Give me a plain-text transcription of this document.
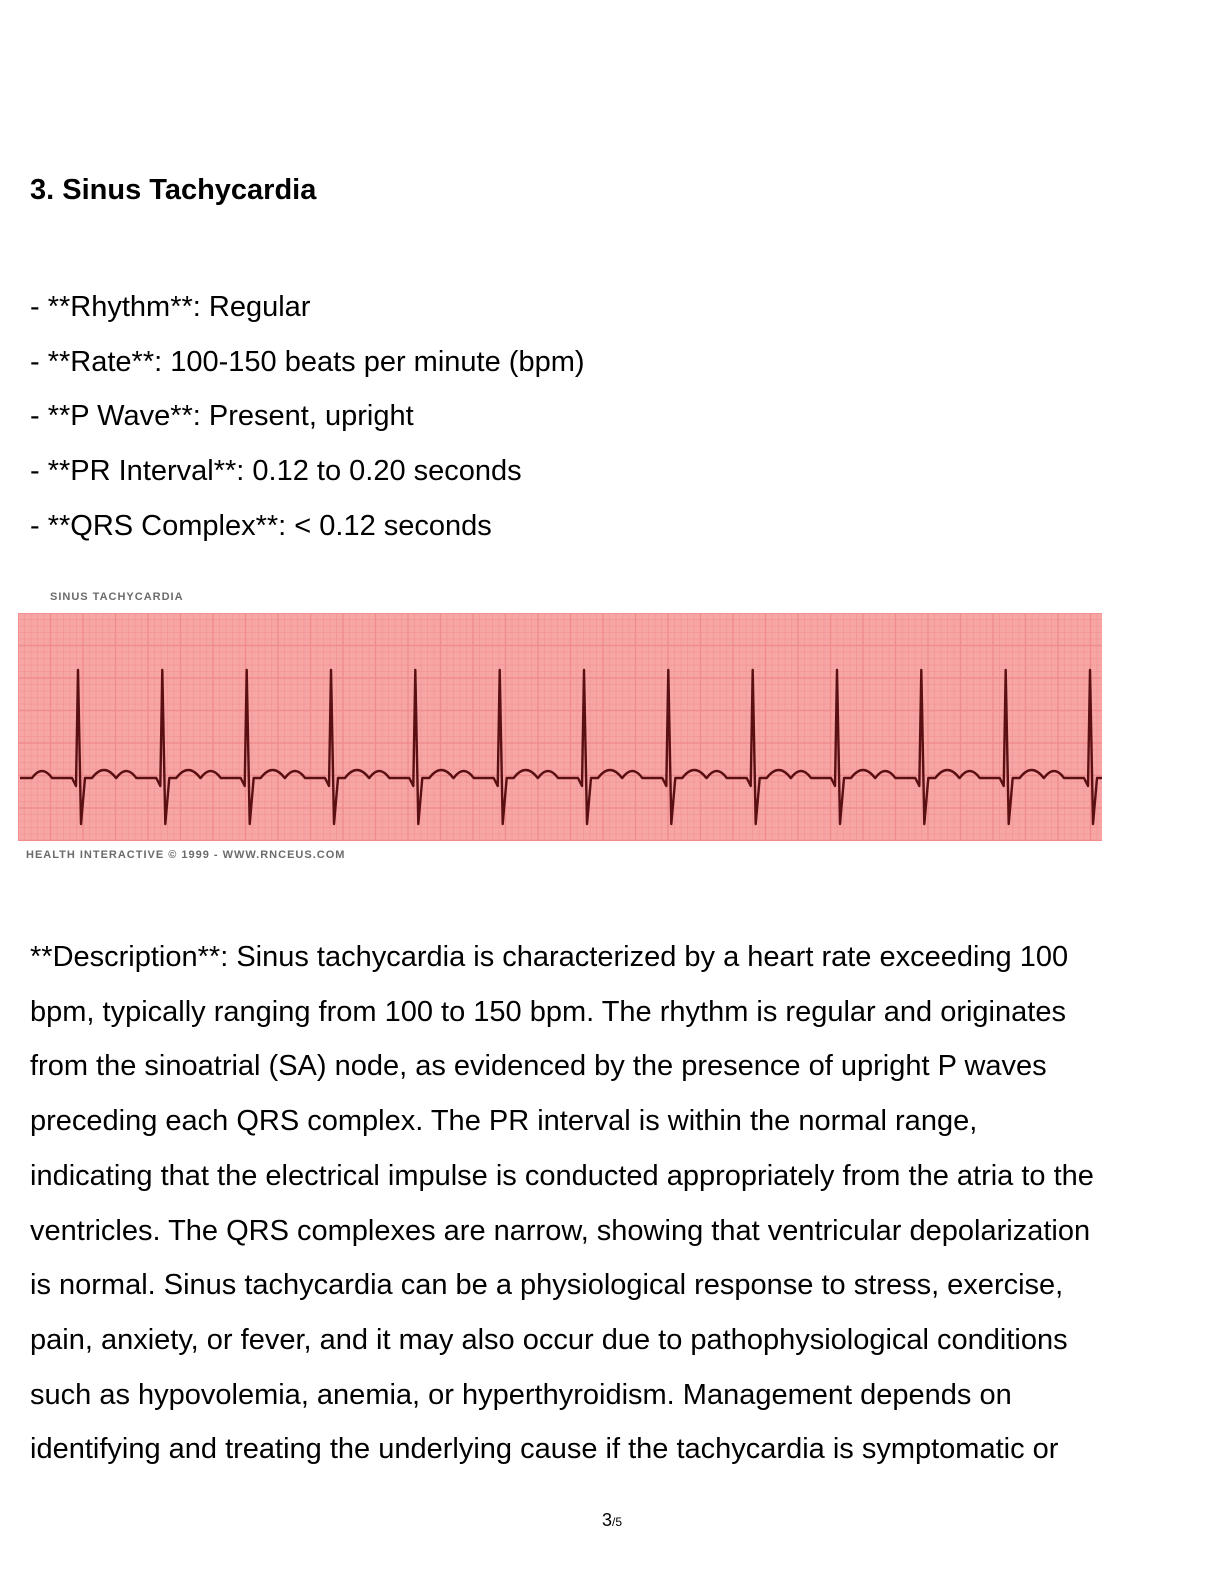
3. Sinus Tachycardia
- **Rhythm**: Regular
- **Rate**: 100-150 beats per minute (bpm)
- **P Wave**: Present, upright
- **PR Interval**: 0.12 to 0.20 seconds
- **QRS Complex**: < 0.12 seconds
SINUS TACHYCARDIA
HEALTH INTERACTIVE © 1999 - WWW.RNCEUS.COM
**Description**: Sinus tachycardia is characterized by a heart rate exceeding 100
bpm, typically ranging from 100 to 150 bpm. The rhythm is regular and originates
from the sinoatrial (SA) node, as evidenced by the presence of upright P waves
preceding each QRS complex. The PR interval is within the normal range,
indicating that the electrical impulse is conducted appropriately from the atria to the
ventricles. The QRS complexes are narrow, showing that ventricular depolarization
is normal. Sinus tachycardia can be a physiological response to stress, exercise,
pain, anxiety, or fever, and it may also occur due to pathophysiological conditions
such as hypovolemia, anemia, or hyperthyroidism. Management depends on
identifying and treating the underlying cause if the tachycardia is symptomatic or
3/5
